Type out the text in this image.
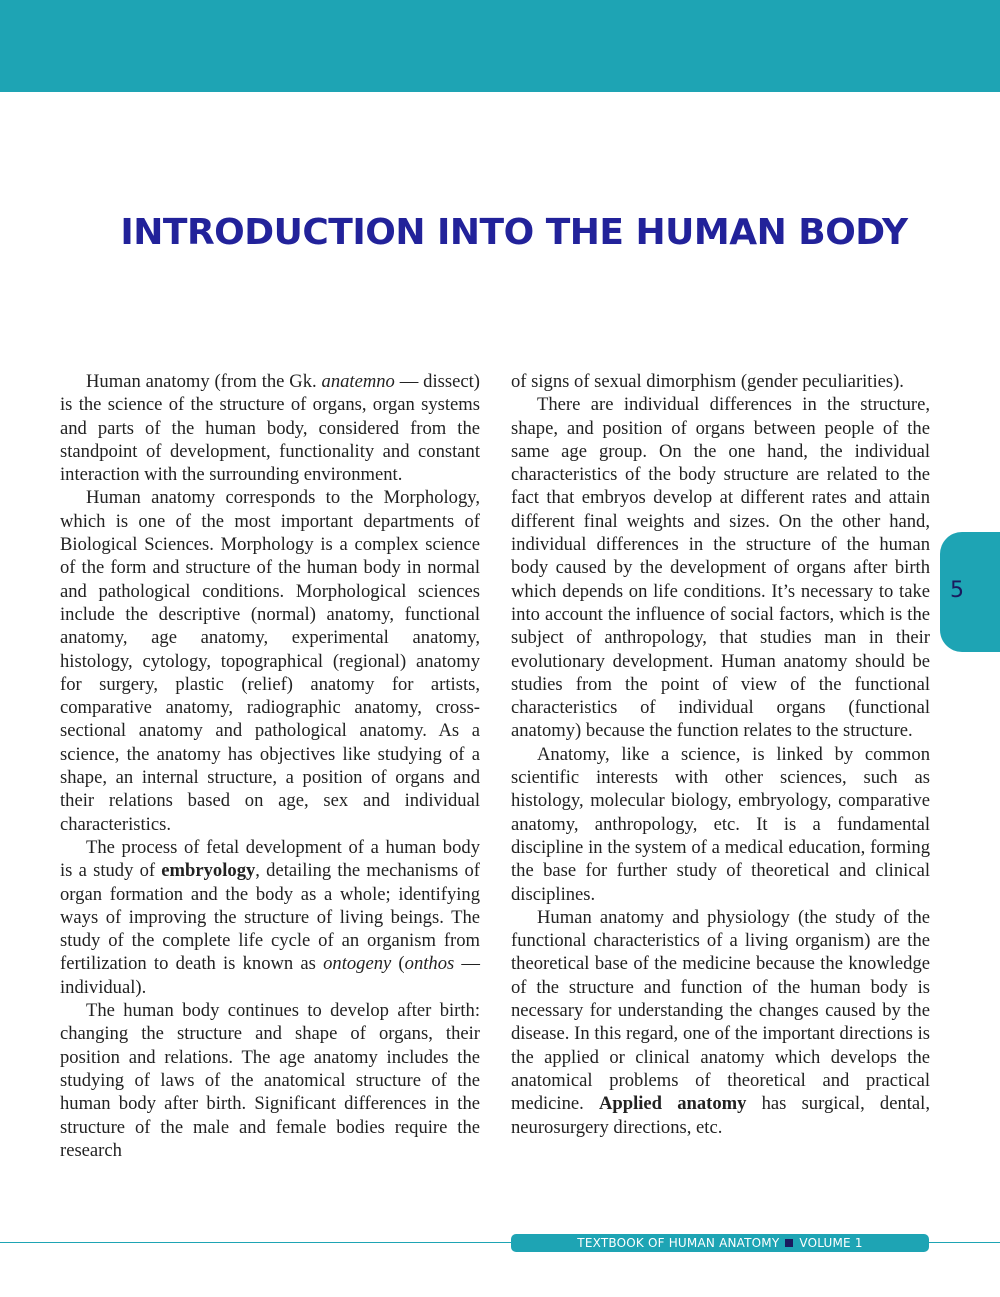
INTRODUCTION INTO THE HUMAN BODY

Human anatomy (from the Gk. anatemno — dissect) is the science of the structure of organs, organ systems and parts of the human body, considered from the standpoint of development, functionality and constant interaction with the surrounding environment.

Human anatomy corresponds to the Morphology, which is one of the most important departments of Biological Sciences. Morphology is a complex science of the form and structure of the human body in normal and pathological conditions. Morphological sciences include the descriptive (normal) anatomy, functional anatomy, age anatomy, experimental anatomy, histology, cytology, topographical (regional) anatomy for surgery, plastic (relief) anatomy for artists, comparative anatomy, radiographic anatomy, cross-sectional anatomy and pathological anatomy. As a science, the anatomy has objectives like studying of a shape, an internal structure, a position of organs and their relations based on age, sex and individual characteristics.

The process of fetal development of a human body is a study of embryology, detailing the mechanisms of organ formation and the body as a whole; identifying ways of improving the structure of living beings. The study of the complete life cycle of an organism from fertilization to death is known as ontogeny (onthos — individual).

The human body continues to develop after birth: changing the structure and shape of organs, their position and relations. The age anatomy includes the studying of laws of the anatomical structure of the human body after birth. Significant differences in the structure of the male and female bodies require the research

of signs of sexual dimorphism (gender peculiarities).

There are individual differences in the structure, shape, and position of organs between people of the same age group. On the one hand, the individual characteristics of the body structure are related to the fact that embryos develop at different rates and attain different final weights and sizes. On the other hand, individual differences in the structure of the human body caused by the development of organs after birth which depends on life conditions. It’s necessary to take into account the influence of social factors, which is the subject of anthropology, that studies man in their evolutionary development. Human anatomy should be studies from the point of view of the functional characteristics of individual organs (functional anatomy) because the function relates to the structure.

Anatomy, like a science, is linked by common scientific interests with other sciences, such as histology, molecular biology, embryology, comparative anatomy, anthropology, etc. It is a fundamental discipline in the system of a medical education, forming the base for further study of theoretical and clinical disciplines.

Human anatomy and physiology (the study of the functional characteristics of a living organism) are the theoretical base of the medicine because the knowledge of the structure and function of the human body is necessary for understanding the changes caused by the disease. In this regard, one of the important directions is the applied or clinical anatomy which develops the anatomical problems of theoretical and practical medicine. Applied anatomy has surgical, dental, neurosurgery directions, etc.

5
TEXTBOOK OF HUMAN ANATOMY VOLUME 1
